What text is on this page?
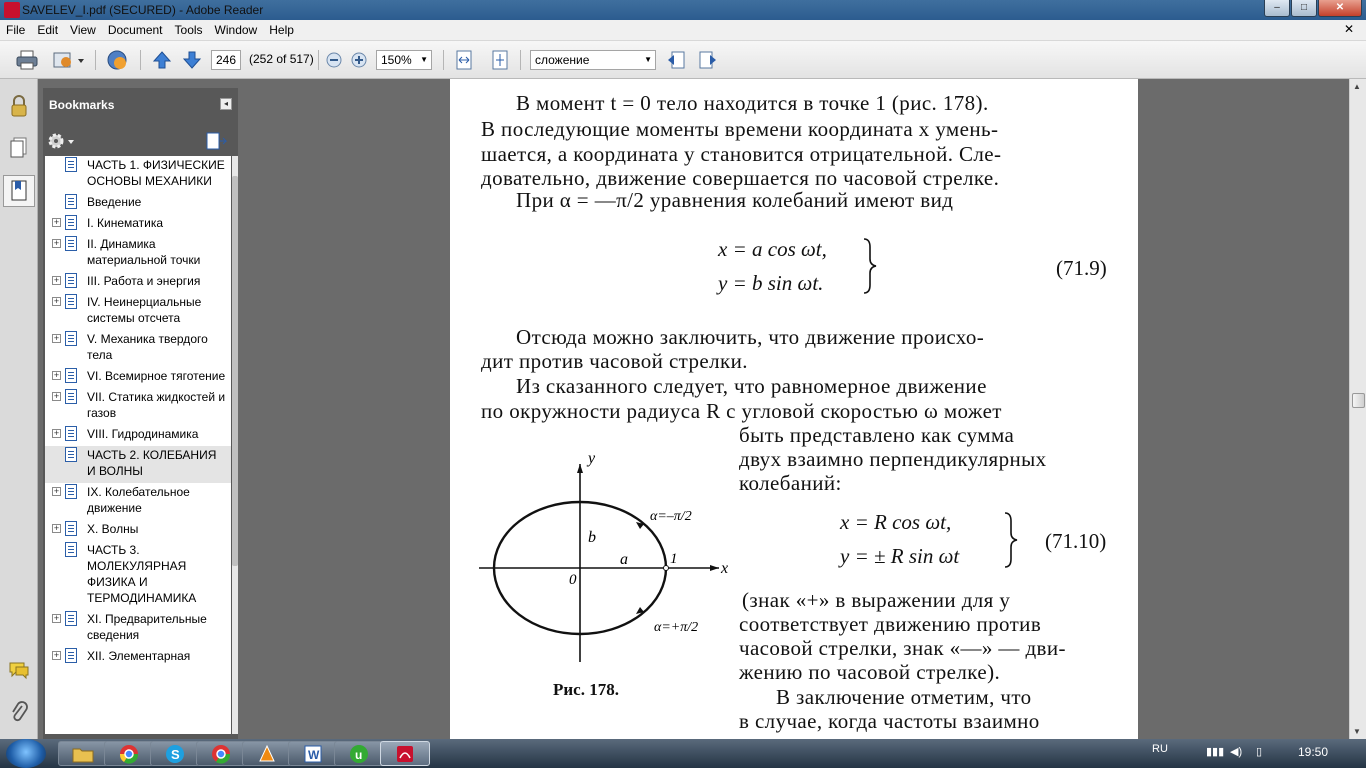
SAVELEV_I.pdf (SECURED) - Adobe Reader	–	□	✕
File	Edit	View	Document	Tools	Window	Help	✕
246	(252 of 517)	150% ▼	сложение	▼
Bookmarks	◂
ЧАСТЬ 1. ФИЗИЧЕСКИЕ ОСНОВЫ МЕХАНИКИ
Введение
+ I. Кинематика
+ II. Динамика материальной точки
+ III. Работа и энергия
+ IV. Неинерциальные системы отсчета
+ V. Механика твердого тела
+ VI. Всемирное тяготение
+ VII. Статика жидкостей и газов
+ VIII. Гидродинамика
ЧАСТЬ 2. КОЛЕБАНИЯ И ВОЛНЫ
+ IX. Колебательное движение
+ X. Волны
ЧАСТЬ 3. МОЛЕКУЛЯРНАЯ ФИЗИКА И ТЕРМОДИНАМИКА
+ XI. Предварительные сведения
+ XII. Элементарная
В момент t = 0 тело находится в точке 1 (рис. 178).
В последующие моменты времени координата x умень-
шается, а координата y становится отрицательной. Сле-
довательно, движение совершается по часовой стрелке.
При α = —π/2 уравнения колебаний имеют вид
x = a cos ωt,
y = b sin ωt.
(71.9)
Отсюда можно заключить, что движение происхо-
дит против часовой стрелки.
Из сказанного следует, что равномерное движение
по окружности радиуса R с угловой скоростью ω может
быть представлено как сумма
двух взаимно перпендикулярных
колебаний:
x = R cos ωt,
y = ± R sin ωt
(71.10)
(знак «+» в выражении для y
соответствует движению против
часовой стрелки, знак «—» — дви-
жению по часовой стрелке).
В заключение отметим, что
в случае, когда частоты взаимно
y
x
b
a
0
1
α=–π/2
α=+π/2
Рис. 178.
▲
▼
S	W	u	RU	▮▮▮ ◀) ▯	19:50
